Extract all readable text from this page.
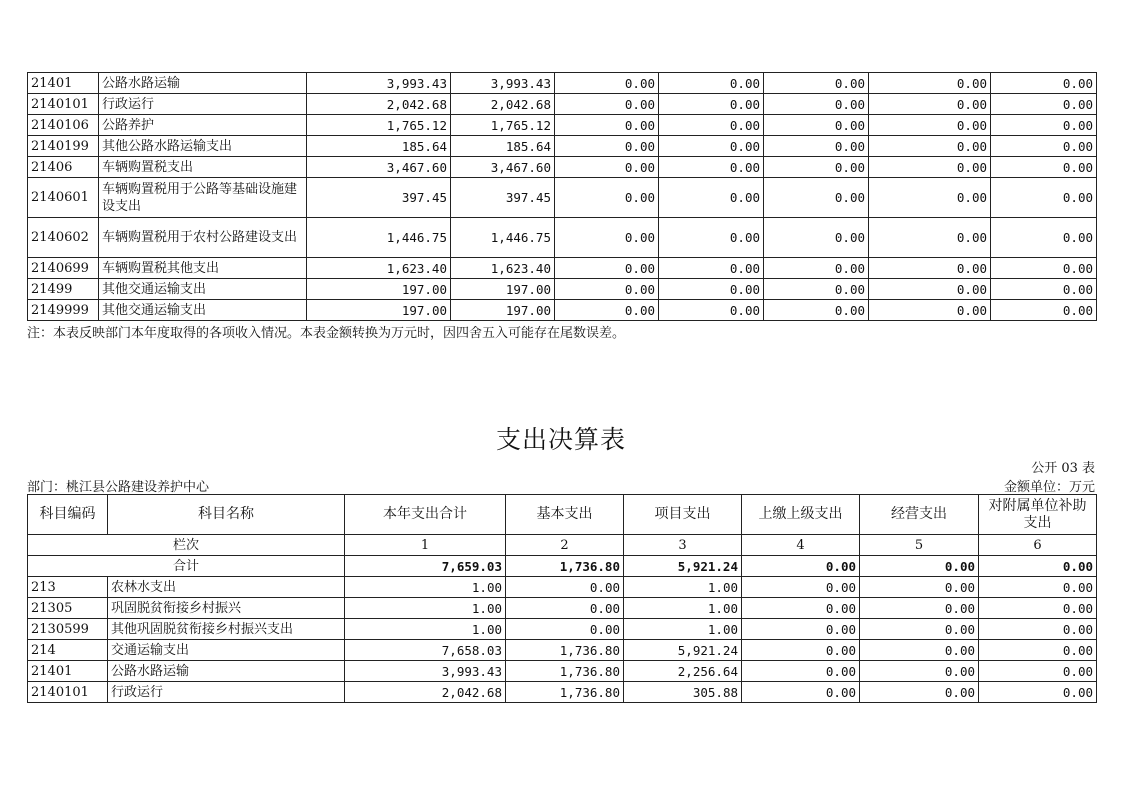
21401	公路水路运输	3,993.43	3,993.43	0.00	0.00	0.00	0.00	0.00
2140101	行政运行	2,042.68	2,042.68	0.00	0.00	0.00	0.00	0.00
2140106	公路养护	1,765.12	1,765.12	0.00	0.00	0.00	0.00	0.00
2140199	其他公路水路运输支出	185.64	185.64	0.00	0.00	0.00	0.00	0.00
21406	车辆购置税支出	3,467.60	3,467.60	0.00	0.00	0.00	0.00	0.00
2140601	车辆购置税用于公路等基础设施建设支出	397.45	397.45	0.00	0.00	0.00	0.00	0.00
2140602	车辆购置税用于农村公路建设支出	1,446.75	1,446.75	0.00	0.00	0.00	0.00	0.00
2140699	车辆购置税其他支出	1,623.40	1,623.40	0.00	0.00	0.00	0.00	0.00
21499	其他交通运输支出	197.00	197.00	0.00	0.00	0.00	0.00	0.00
2149999	其他交通运输支出	197.00	197.00	0.00	0.00	0.00	0.00	0.00
注：本表反映部门本年度取得的各项收入情况。本表金额转换为万元时，因四舍五入可能存在尾数误差。
支出决算表
公开 03 表
部门：桃江县公路建设养护中心	金额单位：万元
科目编码	科目名称	本年支出合计	基本支出	项目支出	上缴上级支出	经营支出	对附属单位补助支出
栏次		1	2	3	4	5	6
合计		7,659.03	1,736.80	5,921.24	0.00	0.00	0.00
213	农林水支出	1.00	0.00	1.00	0.00	0.00	0.00
21305	巩固脱贫衔接乡村振兴	1.00	0.00	1.00	0.00	0.00	0.00
2130599	其他巩固脱贫衔接乡村振兴支出	1.00	0.00	1.00	0.00	0.00	0.00
214	交通运输支出	7,658.03	1,736.80	5,921.24	0.00	0.00	0.00
21401	公路水路运输	3,993.43	1,736.80	2,256.64	0.00	0.00	0.00
2140101	行政运行	2,042.68	1,736.80	305.88	0.00	0.00	0.00
